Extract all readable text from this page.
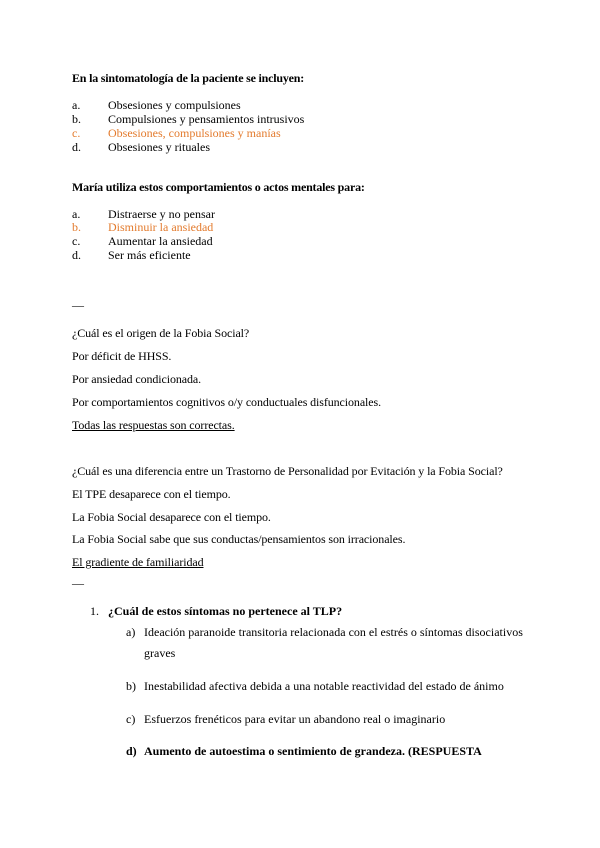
En la sintomatología de la paciente se incluyen:
a. Obsesiones y compulsiones
b. Compulsiones y pensamientos intrusivos
c. Obsesiones, compulsiones y manías
d. Obsesiones y rituales
María utiliza estos comportamientos o actos mentales para:
a. Distraerse y no pensar
b. Disminuir la ansiedad
c. Aumentar la ansiedad
d. Ser más eficiente
—
¿Cuál es el origen de la Fobia Social?
Por déficit de HHSS.
Por ansiedad condicionada.
Por comportamientos cognitivos o/y conductuales disfuncionales.
Todas las respuestas son correctas.
¿Cuál es una diferencia entre un Trastorno de Personalidad por Evitación y la Fobia Social?
El TPE desaparece con el tiempo.
La Fobia Social desaparece con el tiempo.
La Fobia Social sabe que sus conductas/pensamientos son irracionales.
El gradiente de familiaridad
—
1. ¿Cuál de estos síntomas no pertenece al TLP?
a) Ideación paranoide transitoria relacionada con el estrés o síntomas disociativos graves
b) Inestabilidad afectiva debida a una notable reactividad del estado de ánimo
c) Esfuerzos frenéticos para evitar un abandono real o imaginario
d) Aumento de autoestima o sentimiento de grandeza. (RESPUESTA
